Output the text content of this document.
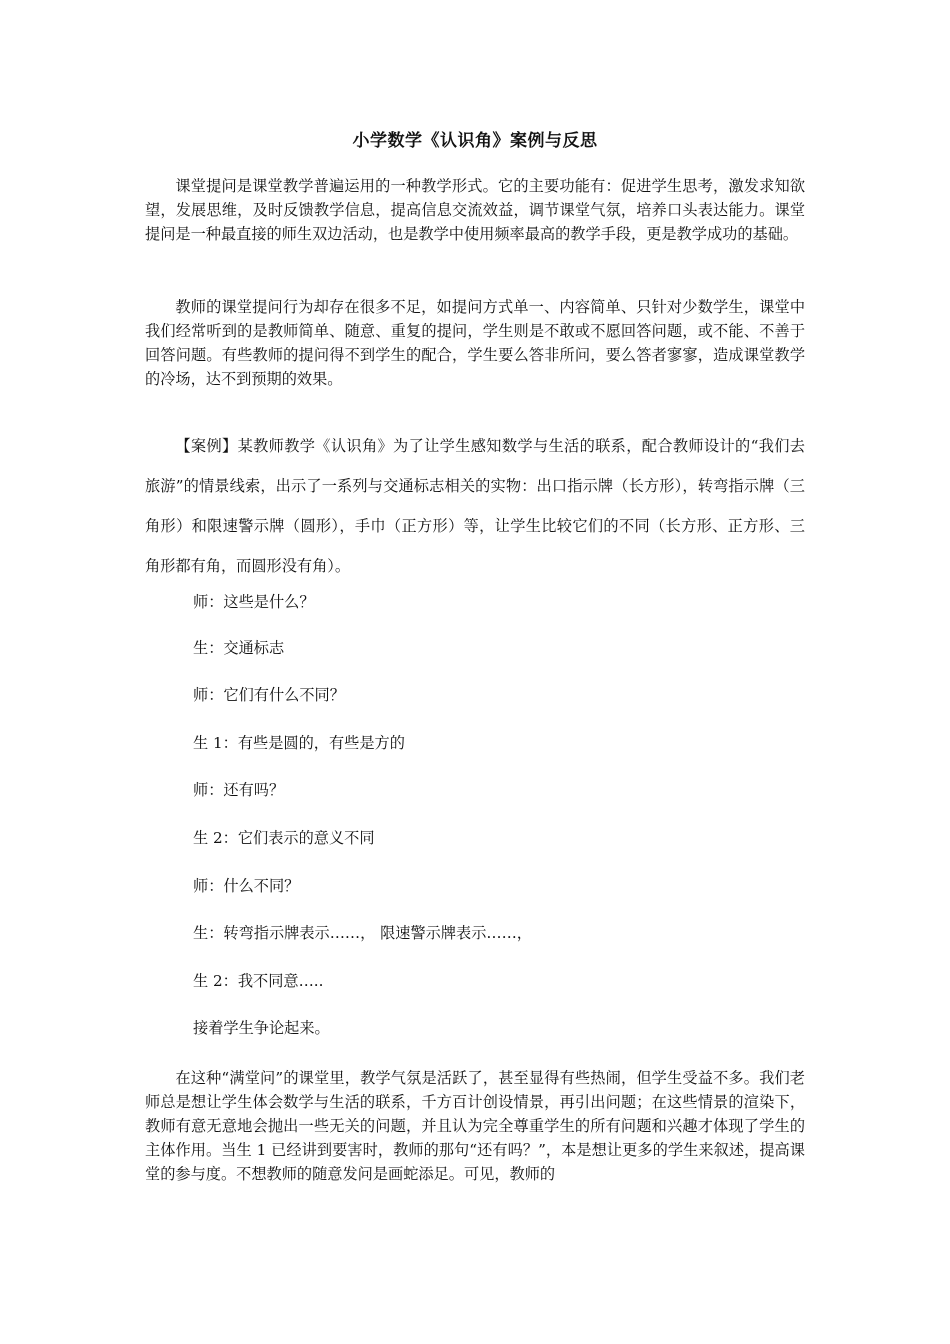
小学数学《认识角》案例与反思

课堂提问是课堂教学普遍运用的一种教学形式。它的主要功能有：促进学生思考，激发求知欲望，发展思维，及时反馈教学信息，提高信息交流效益，调节课堂气氛，培养口头表达能力。课堂提问是一种最直接的师生双边活动，也是教学中使用频率最高的教学手段，更是教学成功的基础。

教师的课堂提问行为却存在很多不足，如提问方式单一、内容简单、只针对少数学生，课堂中我们经常听到的是教师简单、随意、重复的提问，学生则是不敢或不愿回答问题，或不能、不善于回答问题。有些教师的提问得不到学生的配合，学生要么答非所问，要么答者寥寥，造成课堂教学的冷场，达不到预期的效果。

【案例】某教师教学《认识角》为了让学生感知数学与生活的联系，配合教师设计的“我们去旅游”的情景线索，出示了一系列与交通标志相关的实物：出口指示牌（长方形），转弯指示牌（三角形）和限速警示牌（圆形），手巾（正方形）等，让学生比较它们的不同（长方形、正方形、三角形都有角，而圆形没有角）。

师：这些是什么？

生：交通标志

师：它们有什么不同？

生 1：有些是圆的，有些是方的

师：还有吗？

生 2：它们表示的意义不同

师：什么不同？

生：转弯指示牌表示……， 限速警示牌表示……，

生 2：我不同意…..

接着学生争论起来。

在这种“满堂问”的课堂里，教学气氛是活跃了，甚至显得有些热闹，但学生受益不多。我们老师总是想让学生体会数学与生活的联系，千方百计创设情景，再引出问题；在这些情景的渲染下，教师有意无意地会抛出一些无关的问题，并且认为完全尊重学生的所有问题和兴趣才体现了学生的主体作用。当生 1 已经讲到要害时，教师的那句“还有吗？”，本是想让更多的学生来叙述，提高课堂的参与度。不想教师的随意发问是画蛇添足。可见，教师的
